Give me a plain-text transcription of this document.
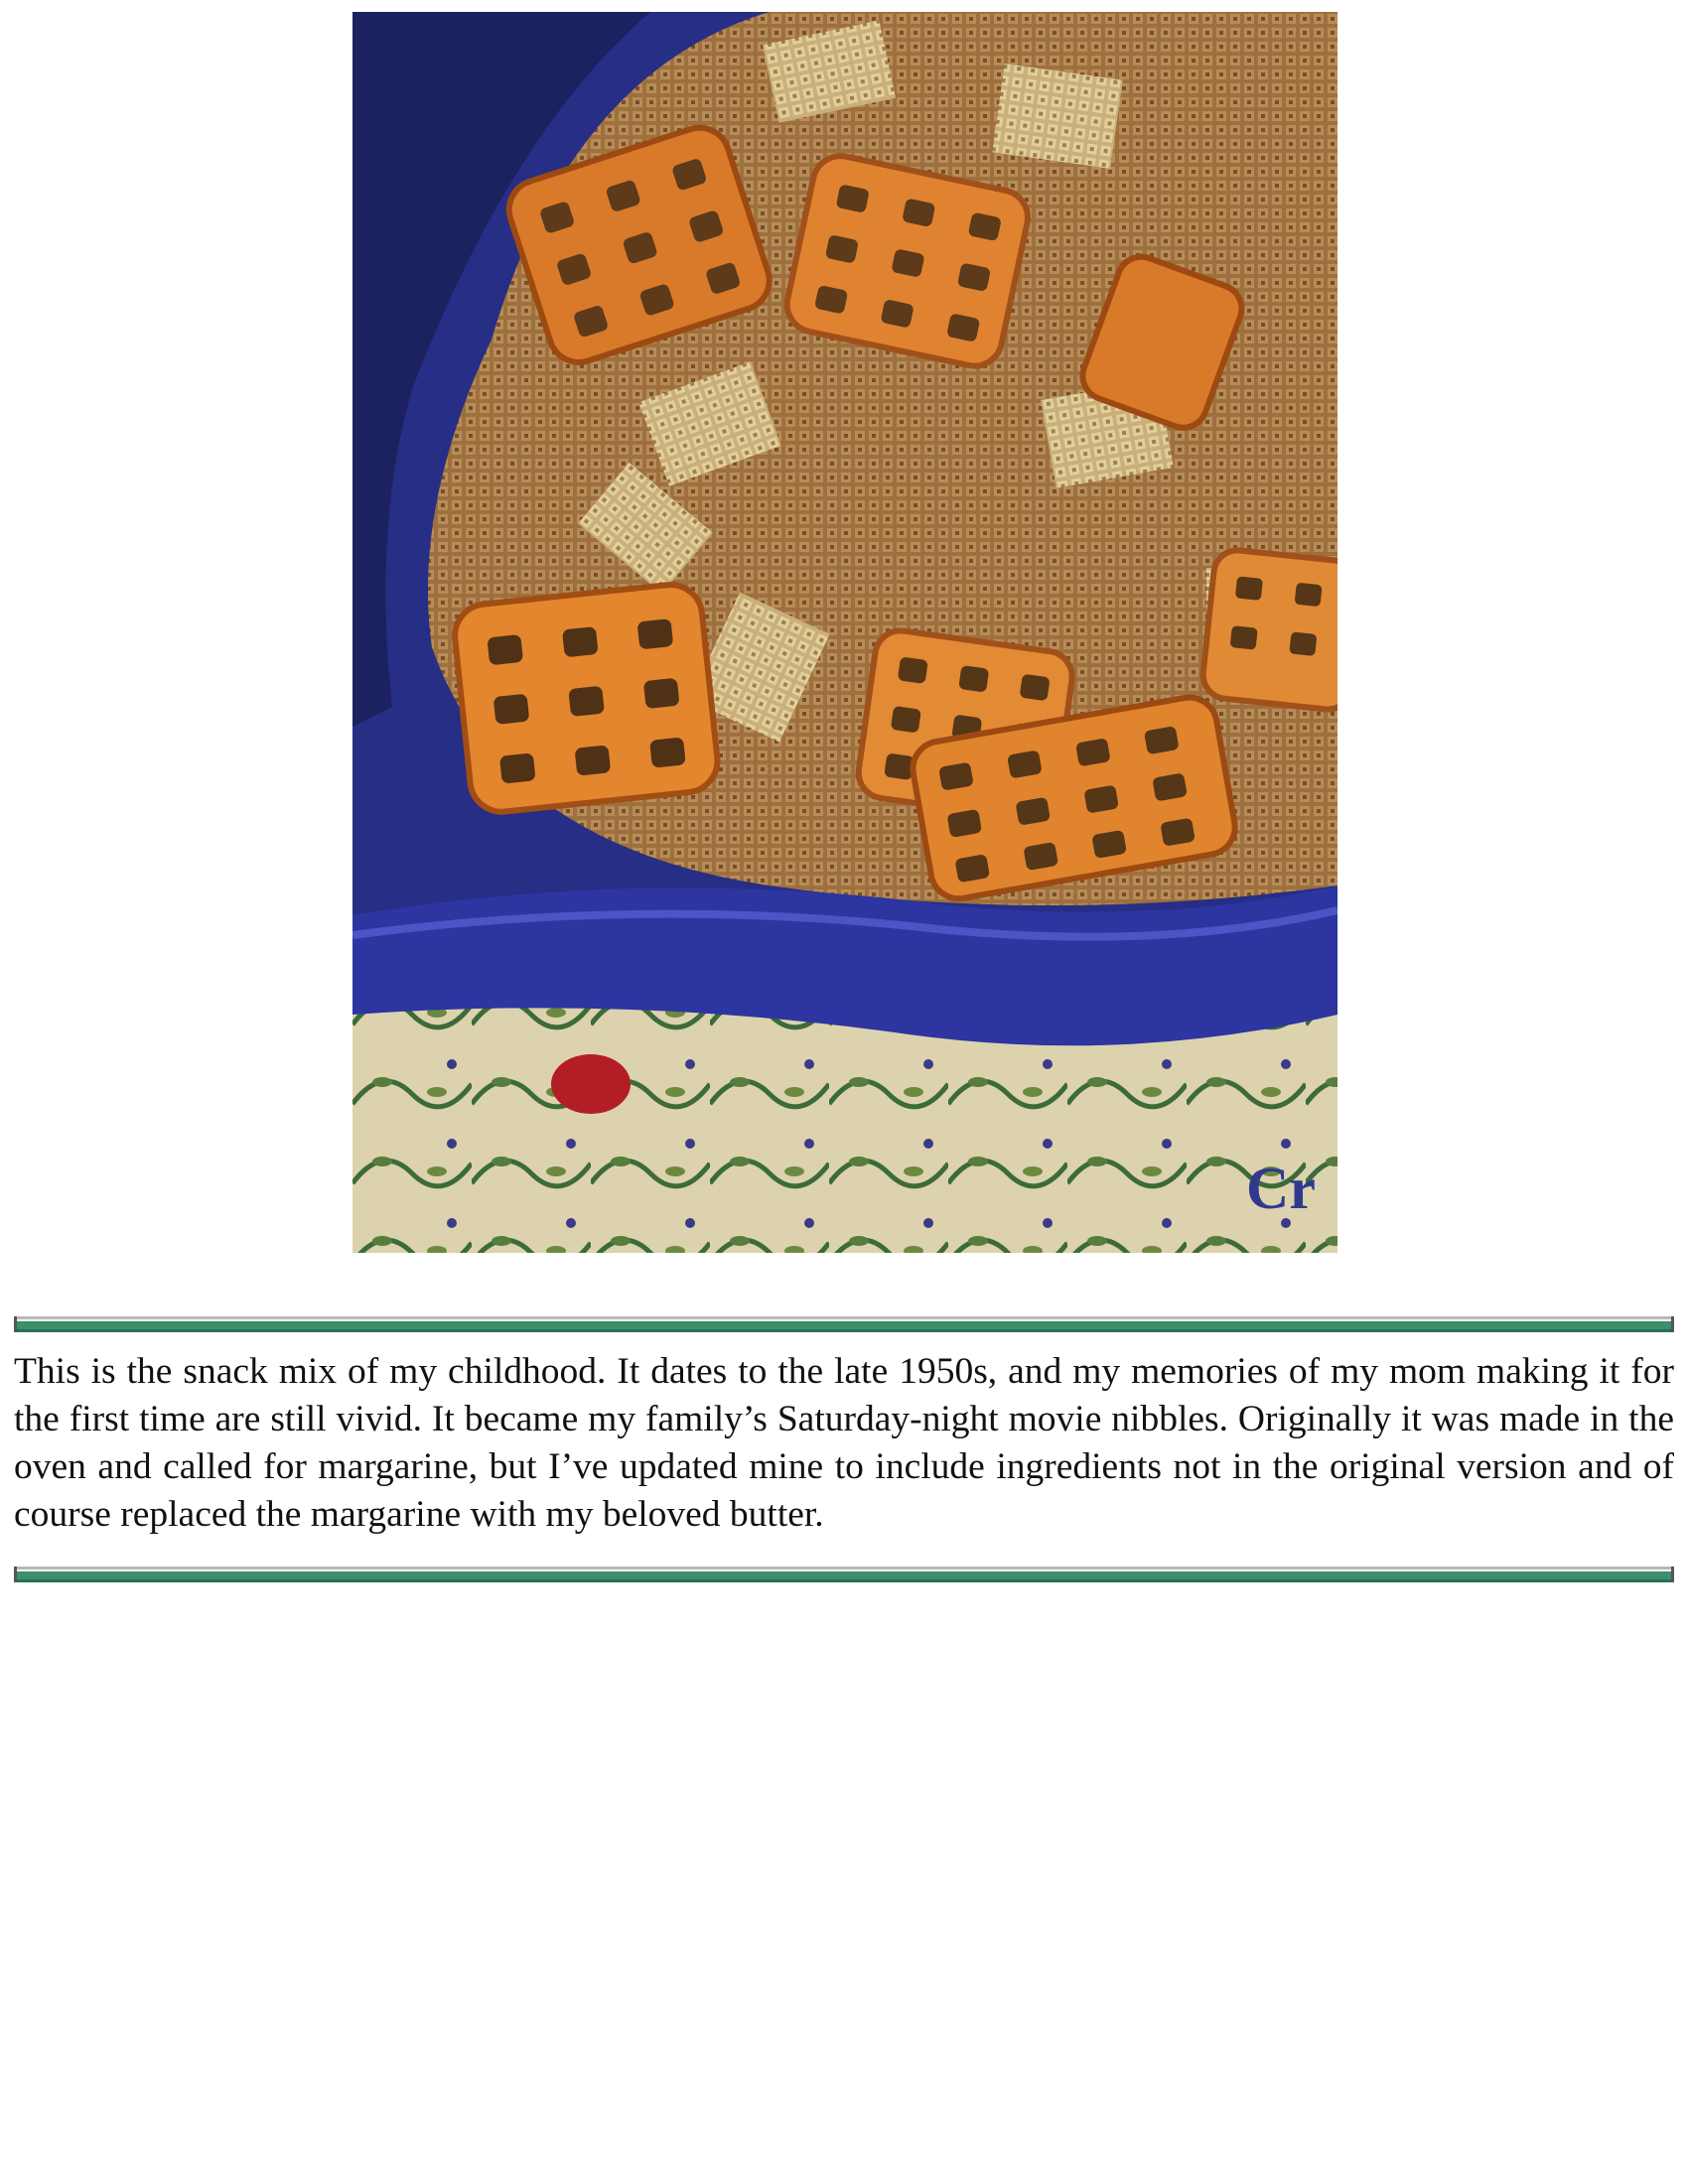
Cr

This is the snack mix of my childhood. It dates to the late 1950s, and my memories of my mom making it for the first time are still vivid. It became my family’s Saturday-night movie nibbles. Originally it was made in the oven and called for margarine, but I’ve updated mine to include ingredients not in the original version and of course replaced the margarine with my beloved butter.
